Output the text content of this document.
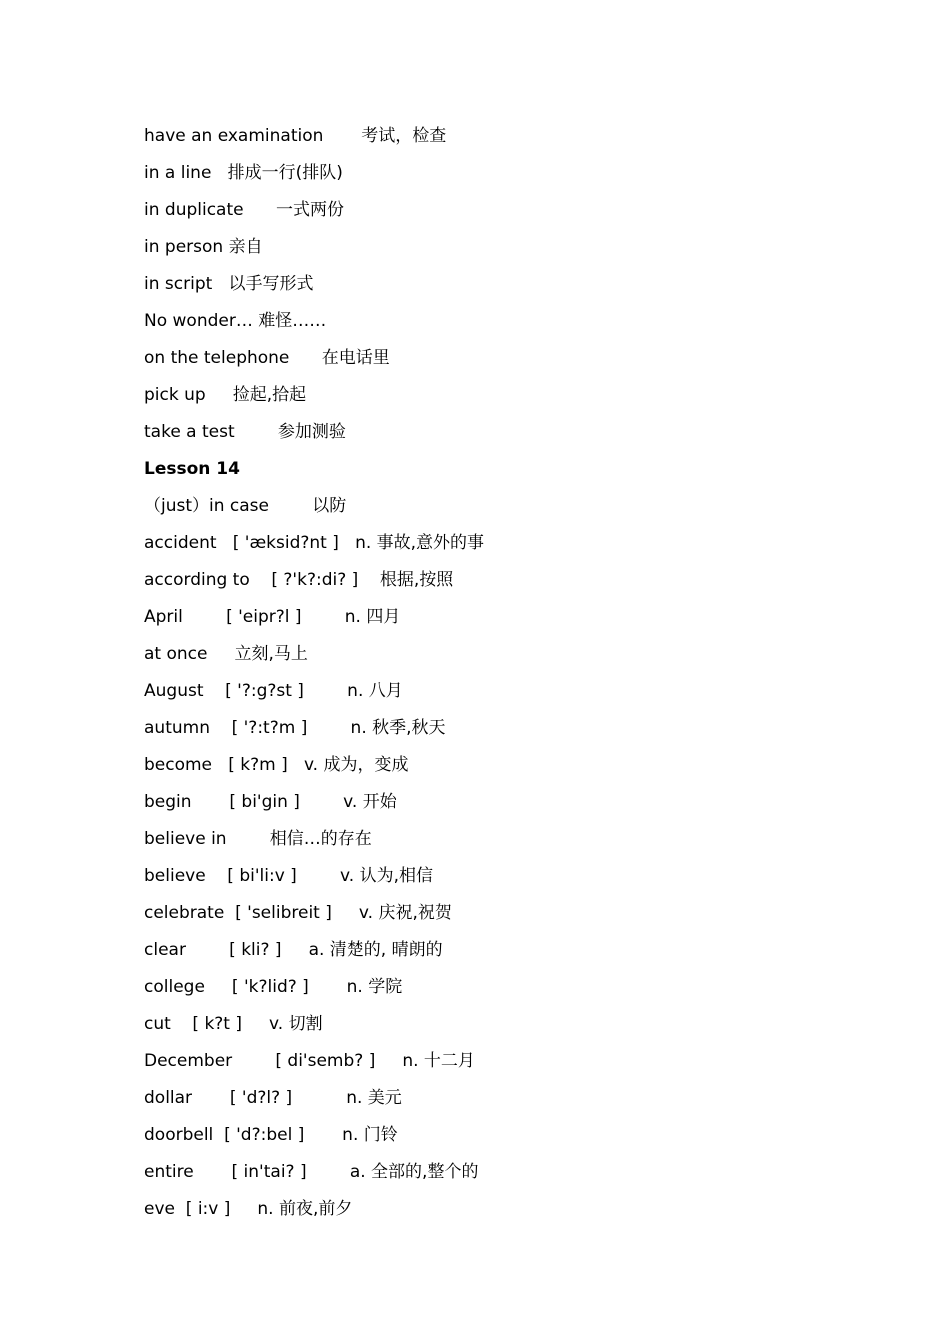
have an examination       考试，检查
in a line   排成一行(排队)
in duplicate      一式两份
in person 亲自
in script   以手写形式
No wonder… 难怪……
on the telephone      在电话里
pick up     捡起,拾起
take a test        参加测验
Lesson 14
（just）in case        以防
accident   [ 'æksid?nt ]   n. 事故,意外的事
according to    [ ?'k?:di? ]    根据,按照
April        [ 'eipr?l ]        n. 四月
at once     立刻,马上
August    [ '?:g?st ]        n. 八月
autumn    [ '?:t?m ]        n. 秋季,秋天
become   [ k?m ]   v. 成为，变成
begin       [ bi'gin ]        v. 开始
believe in        相信…的存在
believe    [ bi'li:v ]        v. 认为,相信
celebrate  [ 'selibreit ]     v. 庆祝,祝贺
clear        [ kli? ]     a. 清楚的, 晴朗的
college     [ 'k?lid? ]       n. 学院
cut    [ k?t ]     v. 切割
December        [ di'semb? ]     n. 十二月
dollar       [ 'd?l? ]          n. 美元
doorbell  [ 'd?:bel ]       n. 门铃
entire       [ in'tai? ]        a. 全部的,整个的
eve  [ i:v ]     n. 前夜,前夕
